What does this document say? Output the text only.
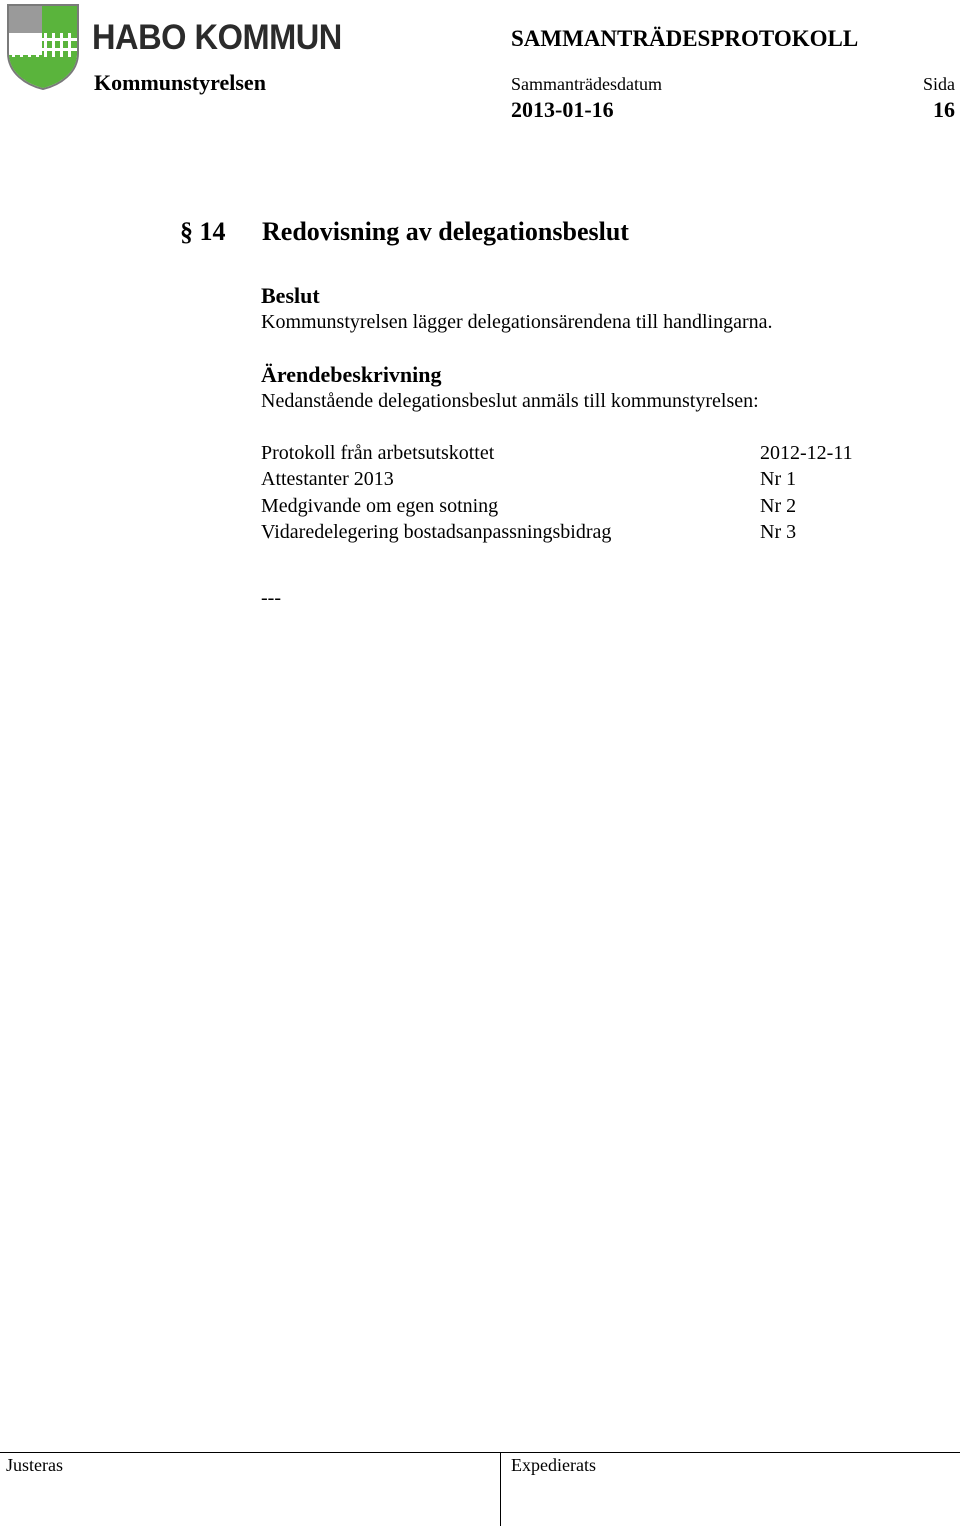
HABO KOMMUN
Kommunstyrelsen
SAMMANTRÄDESPROTOKOLL
Sammanträdesdatum
2013-01-16
Sida
16
§ 14 Redovisning av delegationsbeslut
Beslut
Kommunstyrelsen lägger delegationsärendena till handlingarna.
Ärendebeskrivning
Nedanstående delegationsbeslut anmäls till kommunstyrelsen:
Protokoll från arbetsutskottet	2012-12-11
Attestanter 2013	Nr 1
Medgivande om egen sotning	Nr 2
Vidaredelegering bostadsanpassningsbidrag	Nr 3
---
Justeras	Expedierats
